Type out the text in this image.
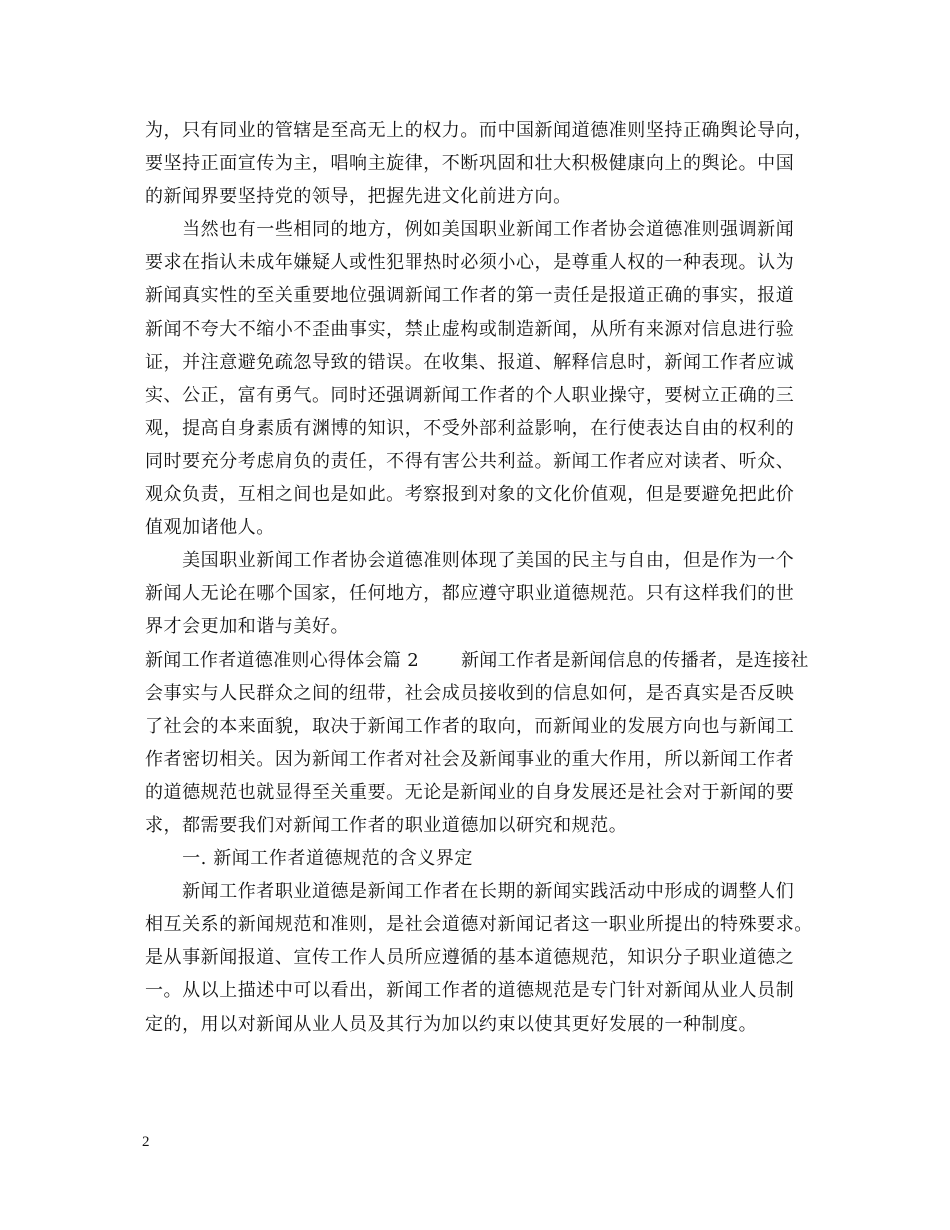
为，只有同业的管辖是至高无上的权力。而中国新闻道德准则坚持正确舆论导向，
要坚持正面宣传为主，唱响主旋律，不断巩固和壮大积极健康向上的舆论。中国
的新闻界要坚持党的领导，把握先进文化前进方向。
　　当然也有一些相同的地方，例如美国职业新闻工作者协会道德准则强调新闻
要求在指认未成年嫌疑人或性犯罪热时必须小心，是尊重人权的一种表现。认为
新闻真实性的至关重要地位强调新闻工作者的第一责任是报道正确的事实，报道
新闻不夸大不缩小不歪曲事实，禁止虚构或制造新闻，从所有来源对信息进行验
证，并注意避免疏忽导致的错误。在收集、报道、解释信息时，新闻工作者应诚
实、公正，富有勇气。同时还强调新闻工作者的个人职业操守，要树立正确的三
观，提高自身素质有渊博的知识，不受外部利益影响，在行使表达自由的权利的
同时要充分考虑肩负的责任，不得有害公共利益。新闻工作者应对读者、听众、
观众负责，互相之间也是如此。考察报到对象的文化价值观，但是要避免把此价
值观加诸他人。
　　美国职业新闻工作者协会道德准则体现了美国的民主与自由，但是作为一个
新闻人无论在哪个国家，任何地方，都应遵守职业道德规范。只有这样我们的世
界才会更加和谐与美好。
新闻工作者道德准则心得体会篇 2 新闻工作者是新闻信息的传播者，是连接社
会事实与人民群众之间的纽带，社会成员接收到的信息如何，是否真实是否反映
了社会的本来面貌，取决于新闻工作者的取向，而新闻业的发展方向也与新闻工
作者密切相关。因为新闻工作者对社会及新闻事业的重大作用，所以新闻工作者
的道德规范也就显得至关重要。无论是新闻业的自身发展还是社会对于新闻的要
求，都需要我们对新闻工作者的职业道德加以研究和规范。
　　一. 新闻工作者道德规范的含义界定
　　新闻工作者职业道德是新闻工作者在长期的新闻实践活动中形成的调整人们
相互关系的新闻规范和准则，是社会道德对新闻记者这一职业所提出的特殊要求。
是从事新闻报道、宣传工作人员所应遵循的基本道德规范，知识分子职业道德之
一。从以上描述中可以看出，新闻工作者的道德规范是专门针对新闻从业人员制
定的，用以对新闻从业人员及其行为加以约束以使其更好发展的一种制度。
2
